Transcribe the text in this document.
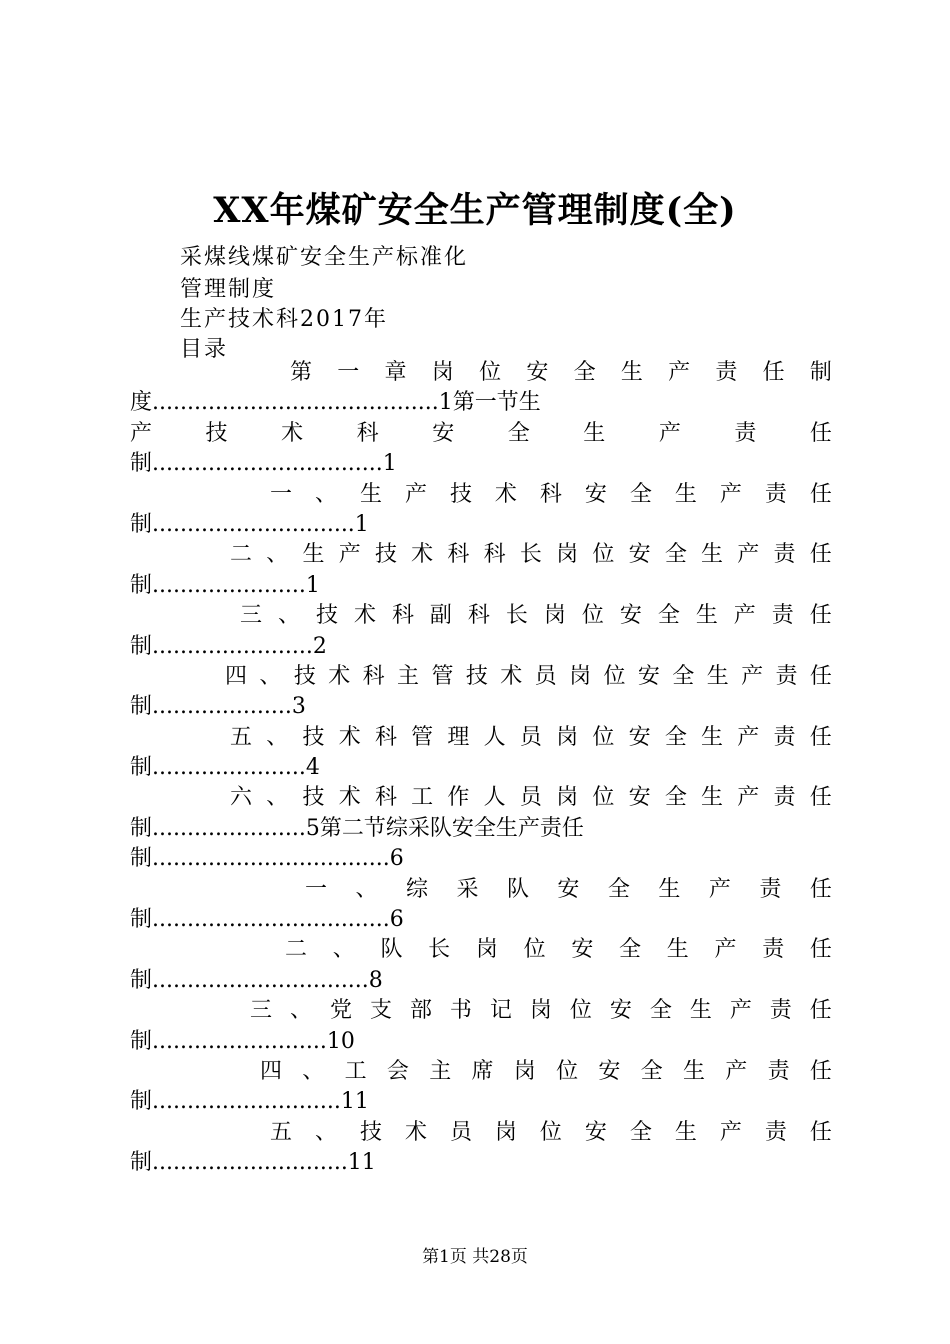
XX年煤矿安全生产管理制度(全)
采煤线煤矿安全生产标准化
管理制度
生产技术科2017年
目录
第 一 章 岗 位 安 全 生 产 责 任 制
度.........................................1第一节生
产 技 术 科 安 全 生 产 责 任
制.................................1
一 、 生 产 技 术 科 安 全 生 产 责 任
制.............................1
二 、 生 产 技 术 科 科 长 岗 位 安 全 生 产 责 任
制......................1
三 、 技 术 科 副 科 长 岗 位 安 全 生 产 责 任
制.......................2
四 、 技 术 科 主 管 技 术 员 岗 位 安 全 生 产 责 任
制....................3
五 、 技 术 科 管 理 人 员 岗 位 安 全 生 产 责 任
制......................4
六 、 技 术 科 工 作 人 员 岗 位 安 全 生 产 责 任
制......................5第二节综采队安全生产责任
制..................................6
一 、 综 采 队 安 全 生 产 责 任
制..................................6
二 、 队 长 岗 位 安 全 生 产 责 任
制...............................8
三 、 党 支 部 书 记 岗 位 安 全 生 产 责 任
制.........................10
四 、 工 会 主 席 岗 位 安 全 生 产 责 任
制...........................11
五 、 技 术 员 岗 位 安 全 生 产 责 任
制............................11
第1页 共28页
